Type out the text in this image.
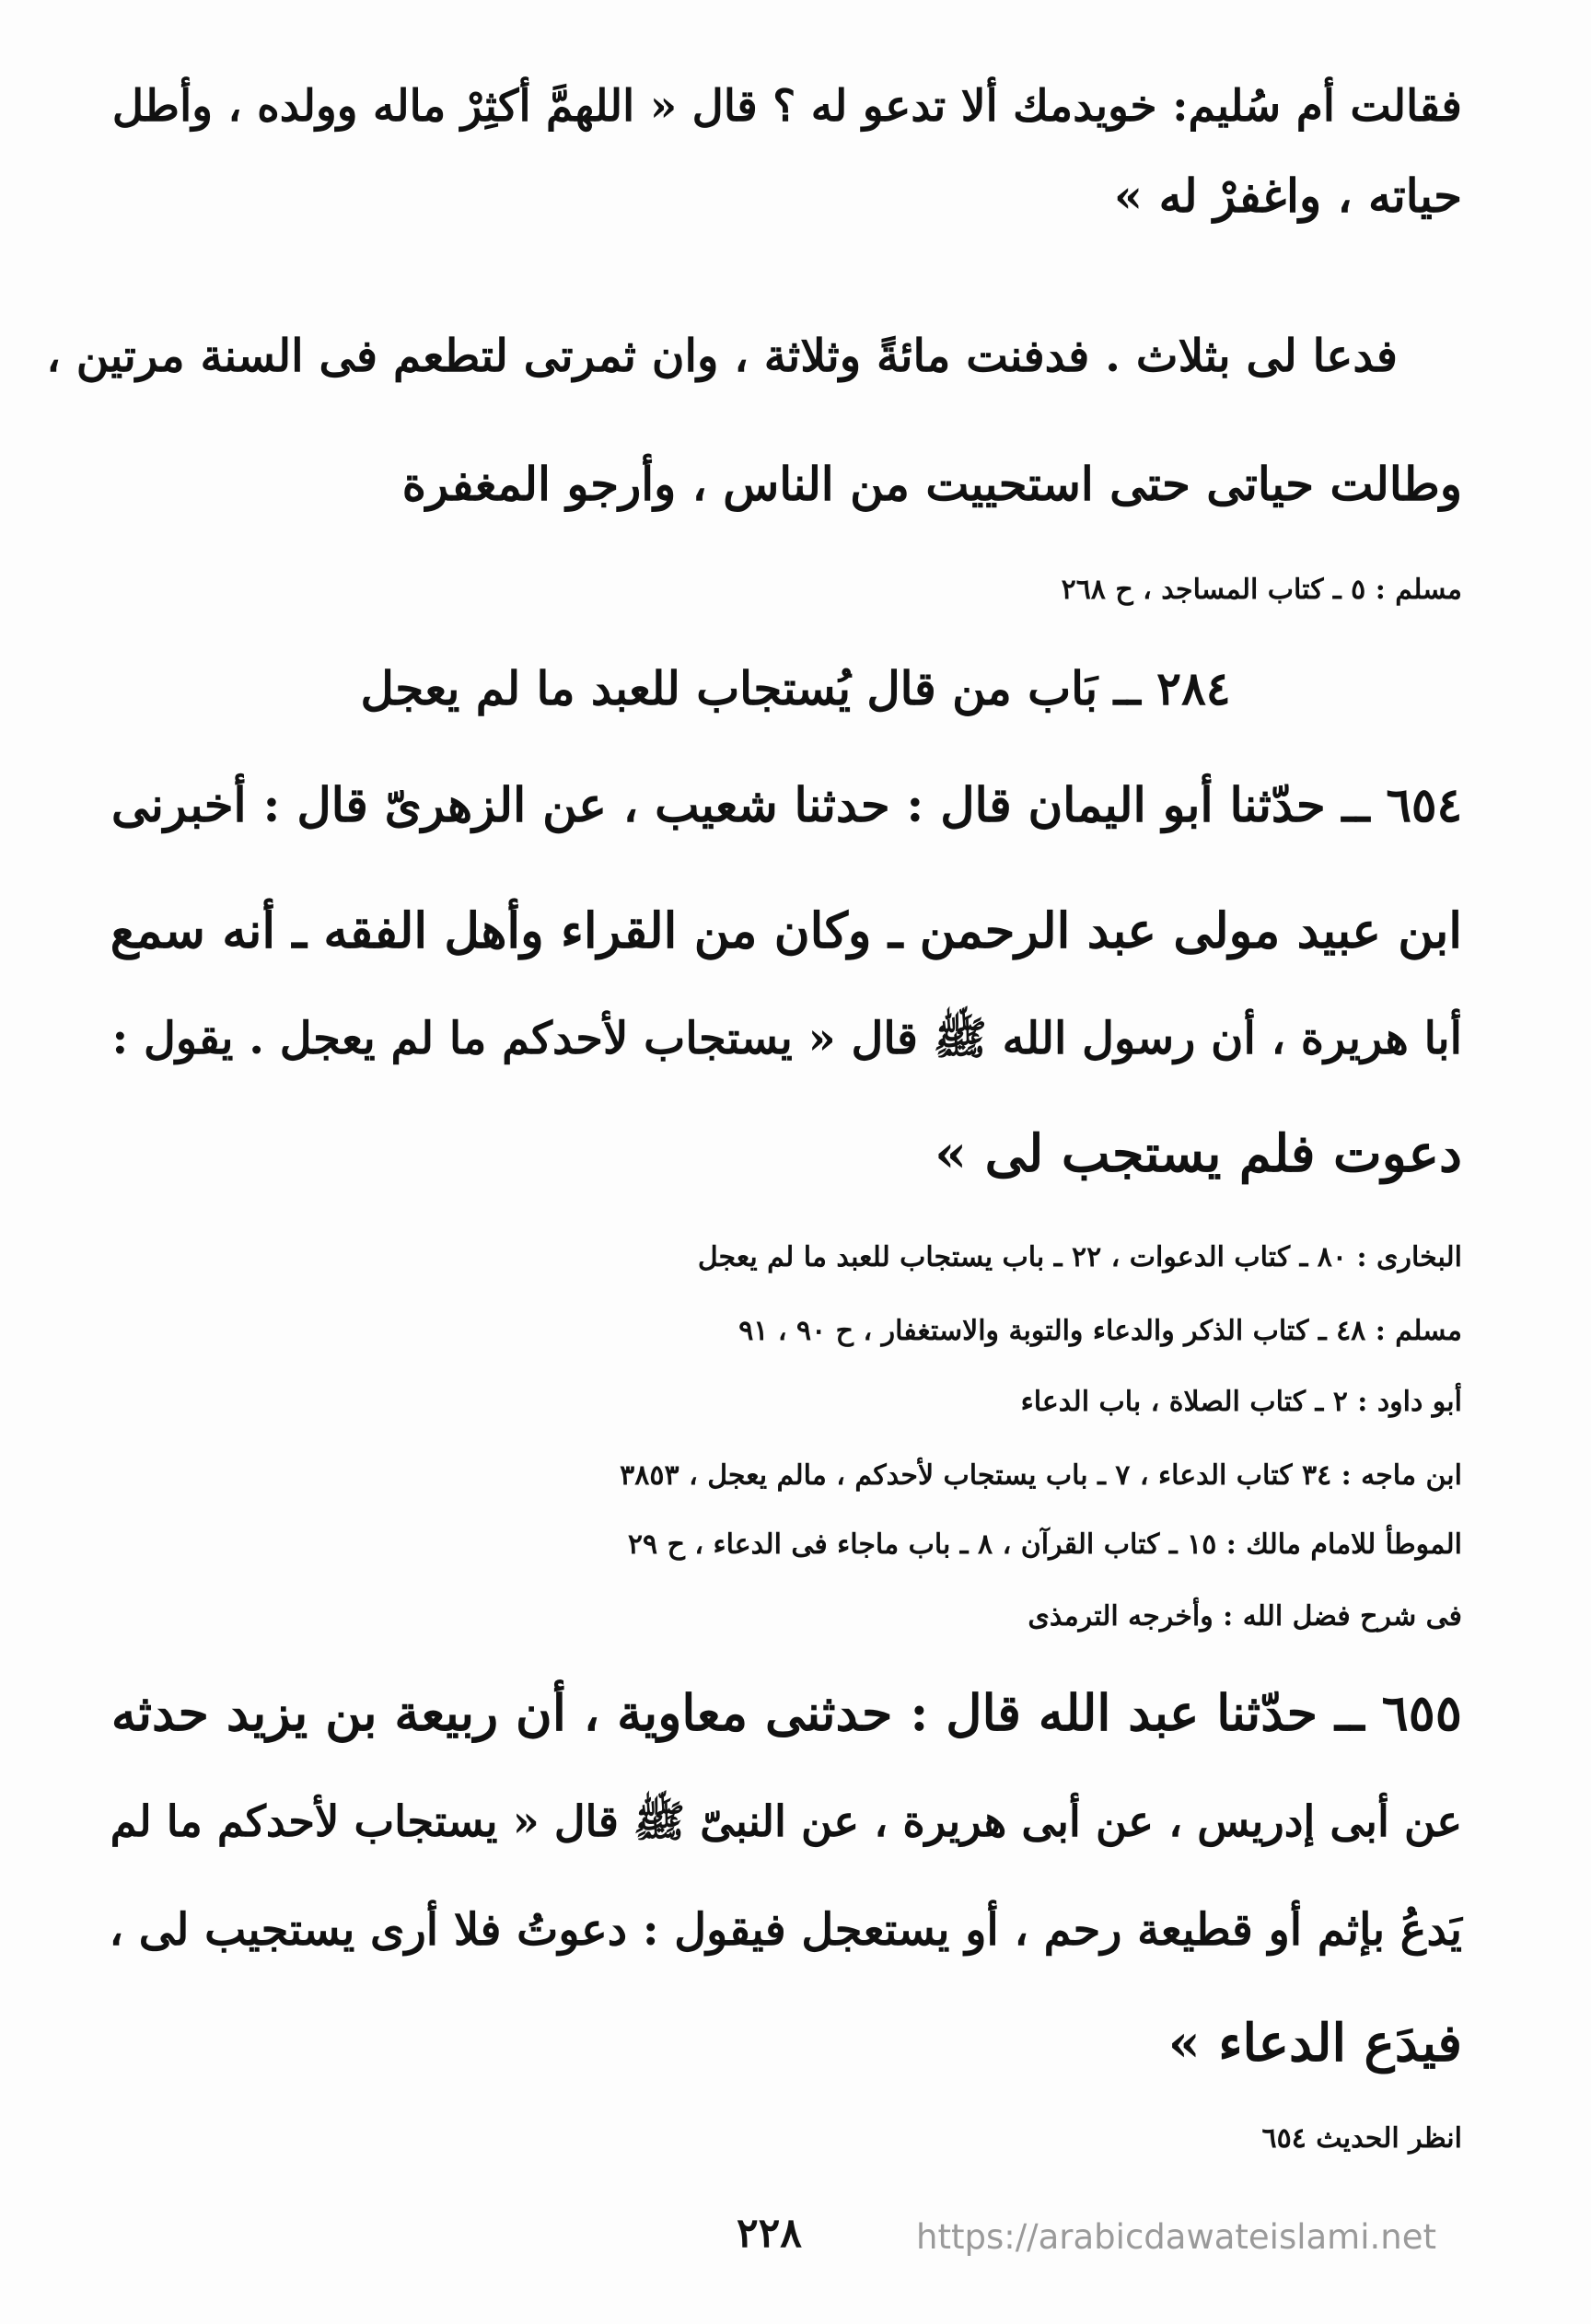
فقالت أم سُليم: خويدمك ألا تدعو له ؟ قال « اللهمَّ أكثِرْ ماله وولده ، وأطل
حياته ، واغفرْ له »
فدعا لى بثلاث . فدفنت مائةً وثلاثة ، وان ثمرتى لتطعم فى السنة مرتين ،
وطالت حياتى حتى استحييت من الناس ، وأرجو المغفرة
مسلم : ٥ ـ كتاب المساجد ، ح ٢٦٨
٢٨٤ ــ بَاب من قال يُستجاب للعبد ما لم يعجل
٦٥٤ ــ حدّثنا أبو اليمان قال : حدثنا شعيب ، عن الزهرىّ قال : أخبرنى
ابن عبيد مولى عبد الرحمن ـ وكان من القراء وأهل الفقه ـ أنه سمع
أبا هريرة ، أن رسول الله ﷺ قال « يستجاب لأحدكم ما لم يعجل . يقول :
دعوت فلم يستجب لى »
البخارى : ٨٠ ـ كتاب الدعوات ، ٢٢ ـ باب يستجاب للعبد ما لم يعجل
مسلم : ٤٨ ـ كتاب الذكر والدعاء والتوبة والاستغفار ، ح ٩٠ ، ٩١
أبو داود : ٢ ـ كتاب الصلاة ، باب الدعاء
ابن ماجه : ٣٤ كتاب الدعاء ، ٧ ـ باب يستجاب لأحدكم ، مالم يعجل ، ٣٨٥٣
الموطأ للامام مالك : ١٥ ـ كتاب القرآن ، ٨ ـ باب ماجاء فى الدعاء ، ح ٢٩
فى شرح فضل الله : وأخرجه الترمذى
٦٥٥ ــ حدّثنا عبد الله قال : حدثنى معاوية ، أن ربيعة بن يزيد حدثه
عن أبى إدريس ، عن أبى هريرة ، عن النبىّ ﷺ قال « يستجاب لأحدكم ما لم
يَدعُ بإثم أو قطيعة رحم ، أو يستعجل فيقول : دعوتُ فلا أرى يستجيب لى ،
فيدَع الدعاء »
انظر الحديث ٦٥٤
٢٢٨	https://arabicdawateislami.net
